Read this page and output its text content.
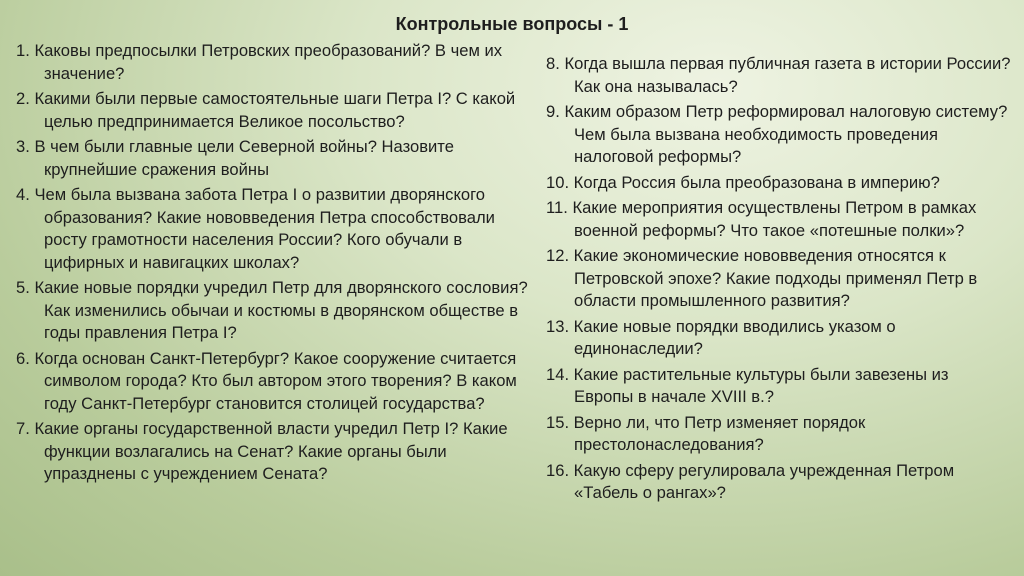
Контрольные вопросы - 1

1. Каковы предпосылки Петровских преобразований? В чем их значение?

2. Какими были первые самостоятельные шаги Петра I? С какой целью предпринимается Великое посольство?

3. В чем были главные цели Северной войны? Назовите крупнейшие сражения войны

4. Чем была вызвана забота Петра I о развитии дворянского образования? Какие нововведения Петра способствовали росту грамотности населения России? Кого обучали в цифирных и навигацких школах?

5. Какие новые порядки учредил Петр для дворянского сословия? Как изменились обычаи и костюмы в дворянском обществе в годы правления Петра I?

6. Когда основан Санкт-Петербург? Какое сооружение считается символом города? Кто был автором этого творения? В каком году Санкт-Петербург становится столицей государства?

7. Какие органы государственной власти учредил Петр I? Какие функции возлагались на Сенат? Какие органы были упразднены с учреждением Сената?

8. Когда вышла первая публичная газета в истории России? Как она называлась?

9. Каким образом Петр реформировал налоговую систему? Чем была вызвана необходимость проведения налоговой реформы?

10. Когда Россия была преобразована в империю?

11. Какие мероприятия осуществлены Петром в рамках военной реформы? Что такое «потешные полки»?

12. Какие экономические нововведения относятся к Петровской эпохе? Какие подходы применял Петр в области промышленного развития?

13. Какие новые порядки вводились указом о единонаследии?

14. Какие растительные культуры были завезены из Европы в начале XVIII в.?

15. Верно ли, что Петр изменяет порядок престолонаследования?

16. Какую сферу регулировала учрежденная Петром «Табель о рангах»?
